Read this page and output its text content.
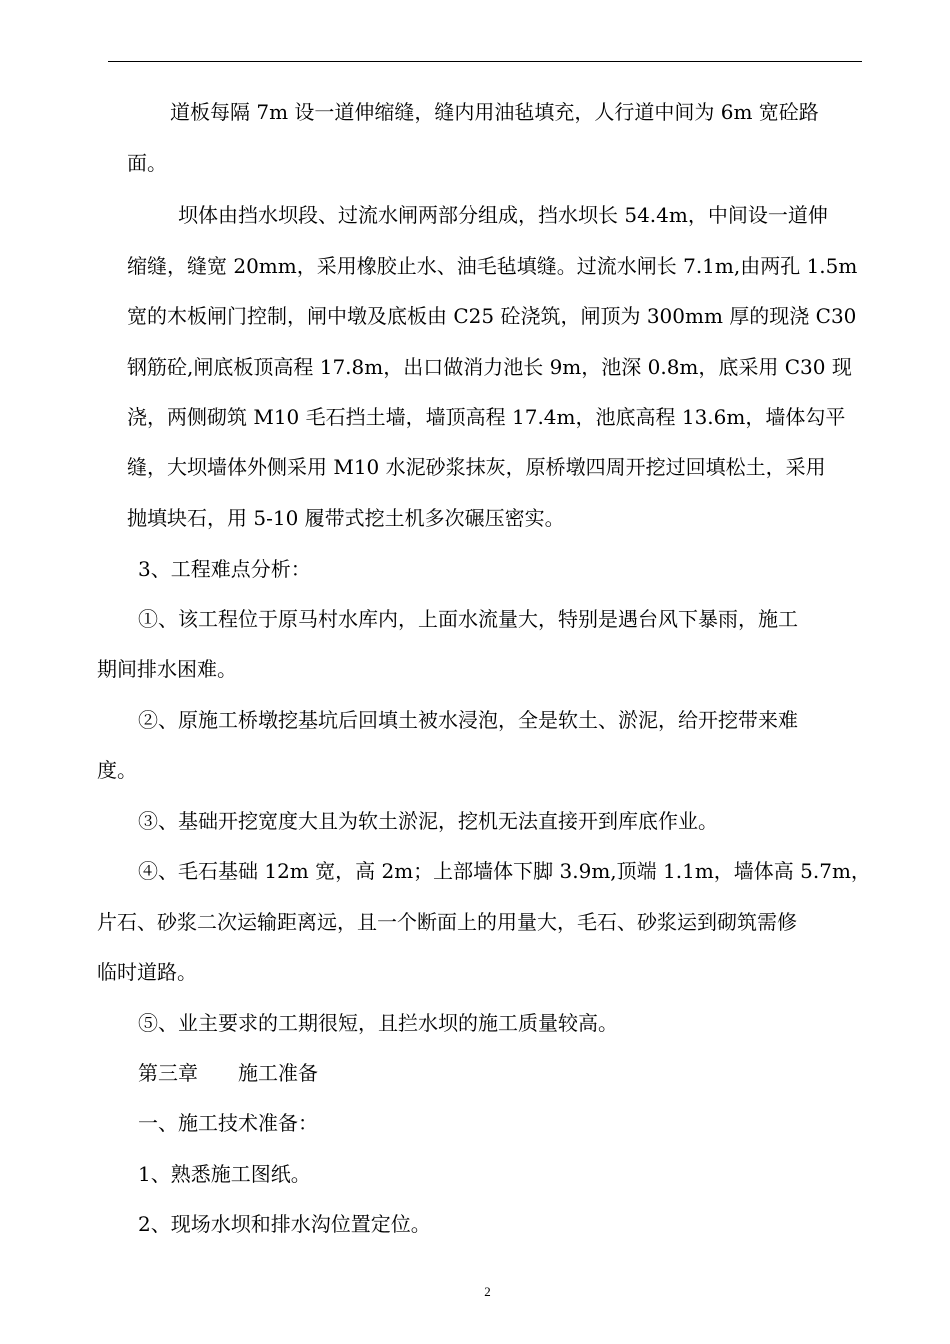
道板每隔 7m 设一道伸缩缝，缝内用油毡填充，人行道中间为 6m 宽砼路
面。
坝体由挡水坝段、过流水闸两部分组成，挡水坝长 54.4m，中间设一道伸
缩缝，缝宽 20mm，采用橡胶止水、油毛毡填缝。过流水闸长 7.1m,由两孔 1.5m
宽的木板闸门控制，闸中墩及底板由 C25 砼浇筑，闸顶为 300mm 厚的现浇 C30
钢筋砼,闸底板顶高程 17.8m，出口做消力池长 9m，池深 0.8m，底采用 C30 现
浇，两侧砌筑 M10 毛石挡土墙，墙顶高程 17.4m，池底高程 13.6m，墙体勾平
缝，大坝墙体外侧采用 M10 水泥砂浆抹灰，原桥墩四周开挖过回填松土，采用
抛填块石，用 5-10 履带式挖土机多次碾压密实。
3、工程难点分析：
①、该工程位于原马村水库内，上面水流量大，特别是遇台风下暴雨，施工
期间排水困难。
②、原施工桥墩挖基坑后回填土被水浸泡，全是软土、淤泥，给开挖带来难
度。
③、基础开挖宽度大且为软土淤泥，挖机无法直接开到库底作业。
④、毛石基础 12m 宽，高 2m；上部墙体下脚 3.9m,顶端 1.1m，墙体高 5.7m，
片石、砂浆二次运输距离远，且一个断面上的用量大，毛石、砂浆运到砌筑需修
临时道路。
⑤、业主要求的工期很短，且拦水坝的施工质量较高。
第三章　　施工准备
一、施工技术准备：
1、熟悉施工图纸。
2、现场水坝和排水沟位置定位。
2
